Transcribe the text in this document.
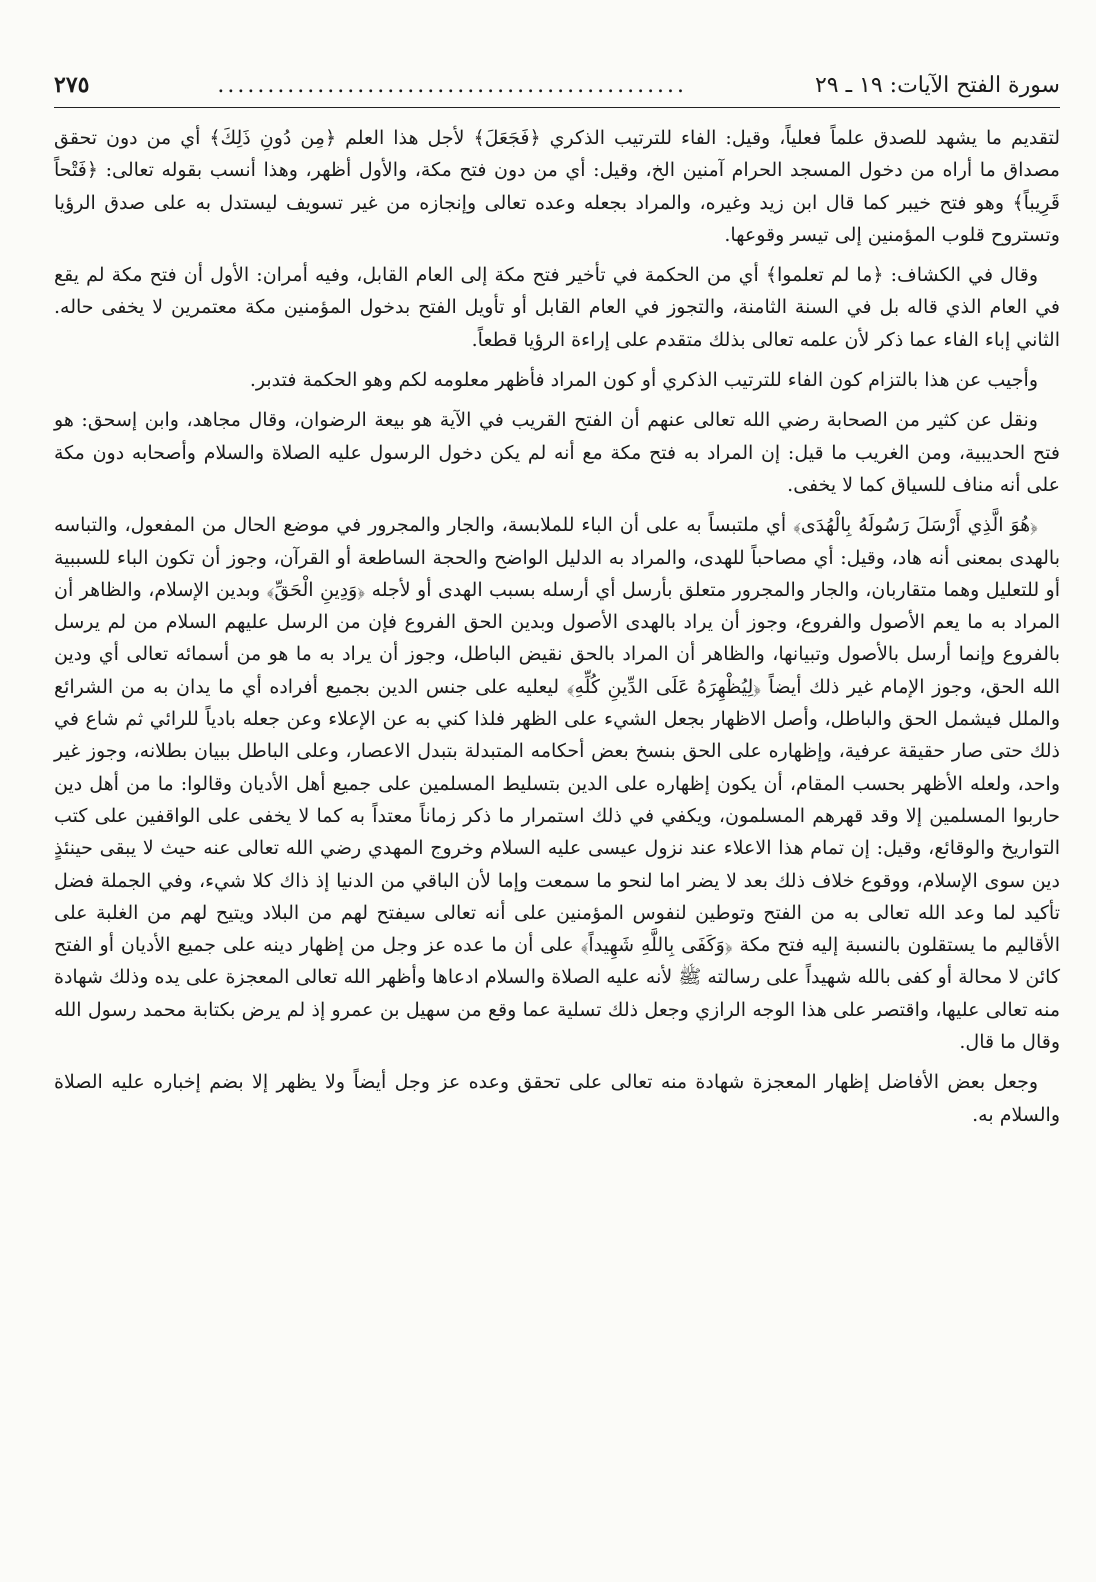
سورة الفتح الآيات: ١٩ ـ ٢٩
...............................................
٢٧٥

لتقديم ما يشهد للصدق علماً فعلياً، وقيل: الفاء للترتيب الذكري ﴿فَجَعَلَ﴾ لأجل هذا العلم ﴿مِن دُونِ ذَلِكَ﴾ أي من دون تحقق مصداق ما أراه من دخول المسجد الحرام آمنين الخ، وقيل: أي من دون فتح مكة، والأول أظهر، وهذا أنسب بقوله تعالى: ﴿فَتْحاً قَرِيباً﴾ وهو فتح خيبر كما قال ابن زيد وغيره، والمراد بجعله وعده تعالى وإنجازه من غير تسويف ليستدل به على صدق الرؤيا وتستروح قلوب المؤمنين إلى تيسر وقوعها.

وقال في الكشاف: ﴿ما لم تعلموا﴾ أي من الحكمة في تأخير فتح مكة إلى العام القابل، وفيه أمران: الأول أن فتح مكة لم يقع في العام الذي قاله بل في السنة الثامنة، والتجوز في العام القابل أو تأويل الفتح بدخول المؤمنين مكة معتمرين لا يخفى حاله. الثاني إباء الفاء عما ذكر لأن علمه تعالى بذلك متقدم على إراءة الرؤيا قطعاً.

وأجيب عن هذا بالتزام كون الفاء للترتيب الذكري أو كون المراد فأظهر معلومه لكم وهو الحكمة فتدبر.

ونقل عن كثير من الصحابة رضي الله تعالى عنهم أن الفتح القريب في الآية هو بيعة الرضوان، وقال مجاهد، وابن إسحق: هو فتح الحديبية، ومن الغريب ما قيل: إن المراد به فتح مكة مع أنه لم يكن دخول الرسول عليه الصلاة والسلام وأصحابه دون مكة على أنه مناف للسياق كما لا يخفى.

﴿هُوَ الَّذِي أَرْسَلَ رَسُولَهُ بِالْهُدَى﴾ أي ملتبساً به على أن الباء للملابسة، والجار والمجرور في موضع الحال من المفعول، والتباسه بالهدى بمعنى أنه هاد، وقيل: أي مصاحباً للهدى، والمراد به الدليل الواضح والحجة الساطعة أو القرآن، وجوز أن تكون الباء للسببية أو للتعليل وهما متقاربان، والجار والمجرور متعلق بأرسل أي أرسله بسبب الهدى أو لأجله ﴿وَدِينِ الْحَقِّ﴾ وبدين الإسلام، والظاهر أن المراد به ما يعم الأصول والفروع، وجوز أن يراد بالهدى الأصول وبدين الحق الفروع فإن من الرسل عليهم السلام من لم يرسل بالفروع وإنما أرسل بالأصول وتبيانها، والظاهر أن المراد بالحق نقيض الباطل، وجوز أن يراد به ما هو من أسمائه تعالى أي ودين الله الحق، وجوز الإمام غير ذلك أيضاً ﴿لِيُظْهِرَهُ عَلَى الدِّينِ كُلِّهِ﴾ ليعليه على جنس الدين بجميع أفراده أي ما يدان به من الشرائع والملل فيشمل الحق والباطل، وأصل الاظهار بجعل الشيء على الظهر فلذا كني به عن الإعلاء وعن جعله بادياً للرائي ثم شاع في ذلك حتى صار حقيقة عرفية، وإظهاره على الحق بنسخ بعض أحكامه المتبدلة بتبدل الاعصار، وعلى الباطل ببيان بطلانه، وجوز غير واحد، ولعله الأظهر بحسب المقام، أن يكون إظهاره على الدين بتسليط المسلمين على جميع أهل الأديان وقالوا: ما من أهل دين حاربوا المسلمين إلا وقد قهرهم المسلمون، ويكفي في ذلك استمرار ما ذكر زماناً معتداً به كما لا يخفى على الواقفين على كتب التواريخ والوقائع، وقيل: إن تمام هذا الاعلاء عند نزول عيسى عليه السلام وخروج المهدي رضي الله تعالى عنه حيث لا يبقى حينئذٍ دين سوى الإسلام، ووقوع خلاف ذلك بعد لا يضر اما لنحو ما سمعت وإما لأن الباقي من الدنيا إذ ذاك كلا شيء، وفي الجملة فضل تأكيد لما وعد الله تعالى به من الفتح وتوطين لنفوس المؤمنين على أنه تعالى سيفتح لهم من البلاد ويتيح لهم من الغلبة على الأقاليم ما يستقلون بالنسبة إليه فتح مكة ﴿وَكَفَى بِاللَّهِ شَهِيداً﴾ على أن ما عده عز وجل من إظهار دينه على جميع الأديان أو الفتح كائن لا محالة أو كفى بالله شهيداً على رسالته ﷺ لأنه عليه الصلاة والسلام ادعاها وأظهر الله تعالى المعجزة على يده وذلك شهادة منه تعالى عليها، واقتصر على هذا الوجه الرازي وجعل ذلك تسلية عما وقع من سهيل بن عمرو إذ لم يرض بكتابة محمد رسول الله وقال ما قال.

وجعل بعض الأفاضل إظهار المعجزة شهادة منه تعالى على تحقق وعده عز وجل أيضاً ولا يظهر إلا بضم إخباره عليه الصلاة والسلام به.
